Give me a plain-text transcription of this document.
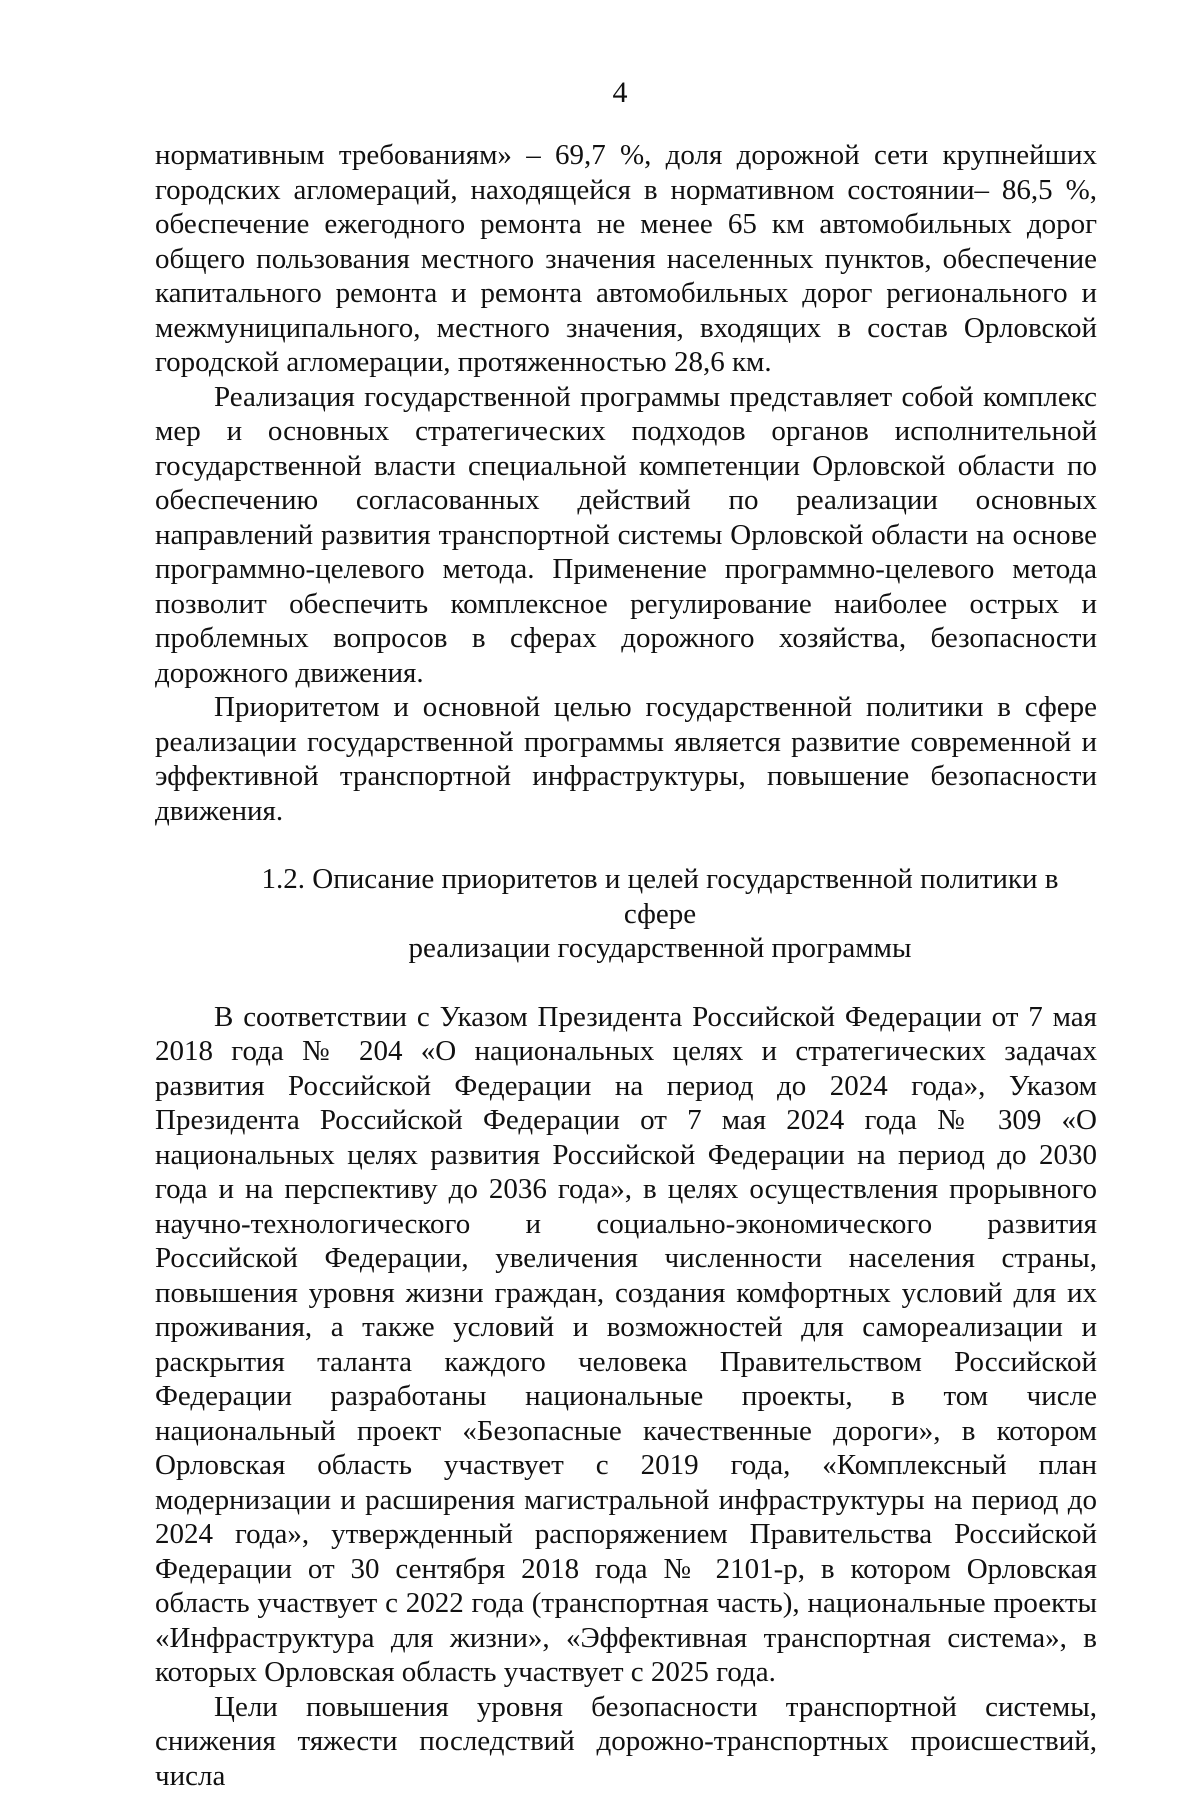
4

нормативным требованиям» – 69,7 %, доля дорожной сети крупнейших городских агломераций, находящейся в нормативном состоянии– 86,5 %, обеспечение ежегодного ремонта не менее 65 км автомобильных дорог общего пользования местного значения населенных пунктов, обеспечение капитального ремонта и ремонта автомобильных дорог регионального и межмуниципального, местного значения, входящих в состав Орловской городской агломерации, протяженностью 28,6 км.

Реализация государственной программы представляет собой комплекс мер и основных стратегических подходов органов исполнительной государственной власти специальной компетенции Орловской области по обеспечению согласованных действий по реализации основных направлений развития транспортной системы Орловской области на основе программно-целевого метода. Применение программно-целевого метода позволит обеспечить комплексное регулирование наиболее острых и проблемных вопросов в сферах дорожного хозяйства, безопасности дорожного движения.

Приоритетом и основной целью государственной политики в сфере реализации государственной программы является развитие современной и эффективной транспортной инфраструктуры, повышение безопасности движения.

1.2. Описание приоритетов и целей государственной политики в сфере
реализации государственной программы

В соответствии с Указом Президента Российской Федерации от 7 мая 2018 года № 204 «О национальных целях и стратегических задачах развития Российской Федерации на период до 2024 года», Указом Президента Российской Федерации от 7 мая 2024 года № 309 «О национальных целях развития Российской Федерации на период до 2030 года и на перспективу до 2036 года», в целях осуществления прорывного научно-технологического и социально-экономического развития Российской Федерации, увеличения численности населения страны, повышения уровня жизни граждан, создания комфортных условий для их проживания, а также условий и возможностей для самореализации и раскрытия таланта каждого человека Правительством Российской Федерации разработаны национальные проекты, в том числе национальный проект «Безопасные качественные дороги», в котором Орловская область участвует с 2019 года, «Комплексный план модернизации и расширения магистральной инфраструктуры на период до 2024 года», утвержденный распоряжением Правительства Российской Федерации от 30 сентября 2018 года № 2101-р, в котором Орловская область участвует с 2022 года (транспортная часть), национальные проекты «Инфраструктура для жизни», «Эффективная транспортная система», в которых Орловская область участвует с 2025 года.

Цели повышения уровня безопасности транспортной системы, снижения тяжести последствий дорожно-транспортных происшествий, числа
